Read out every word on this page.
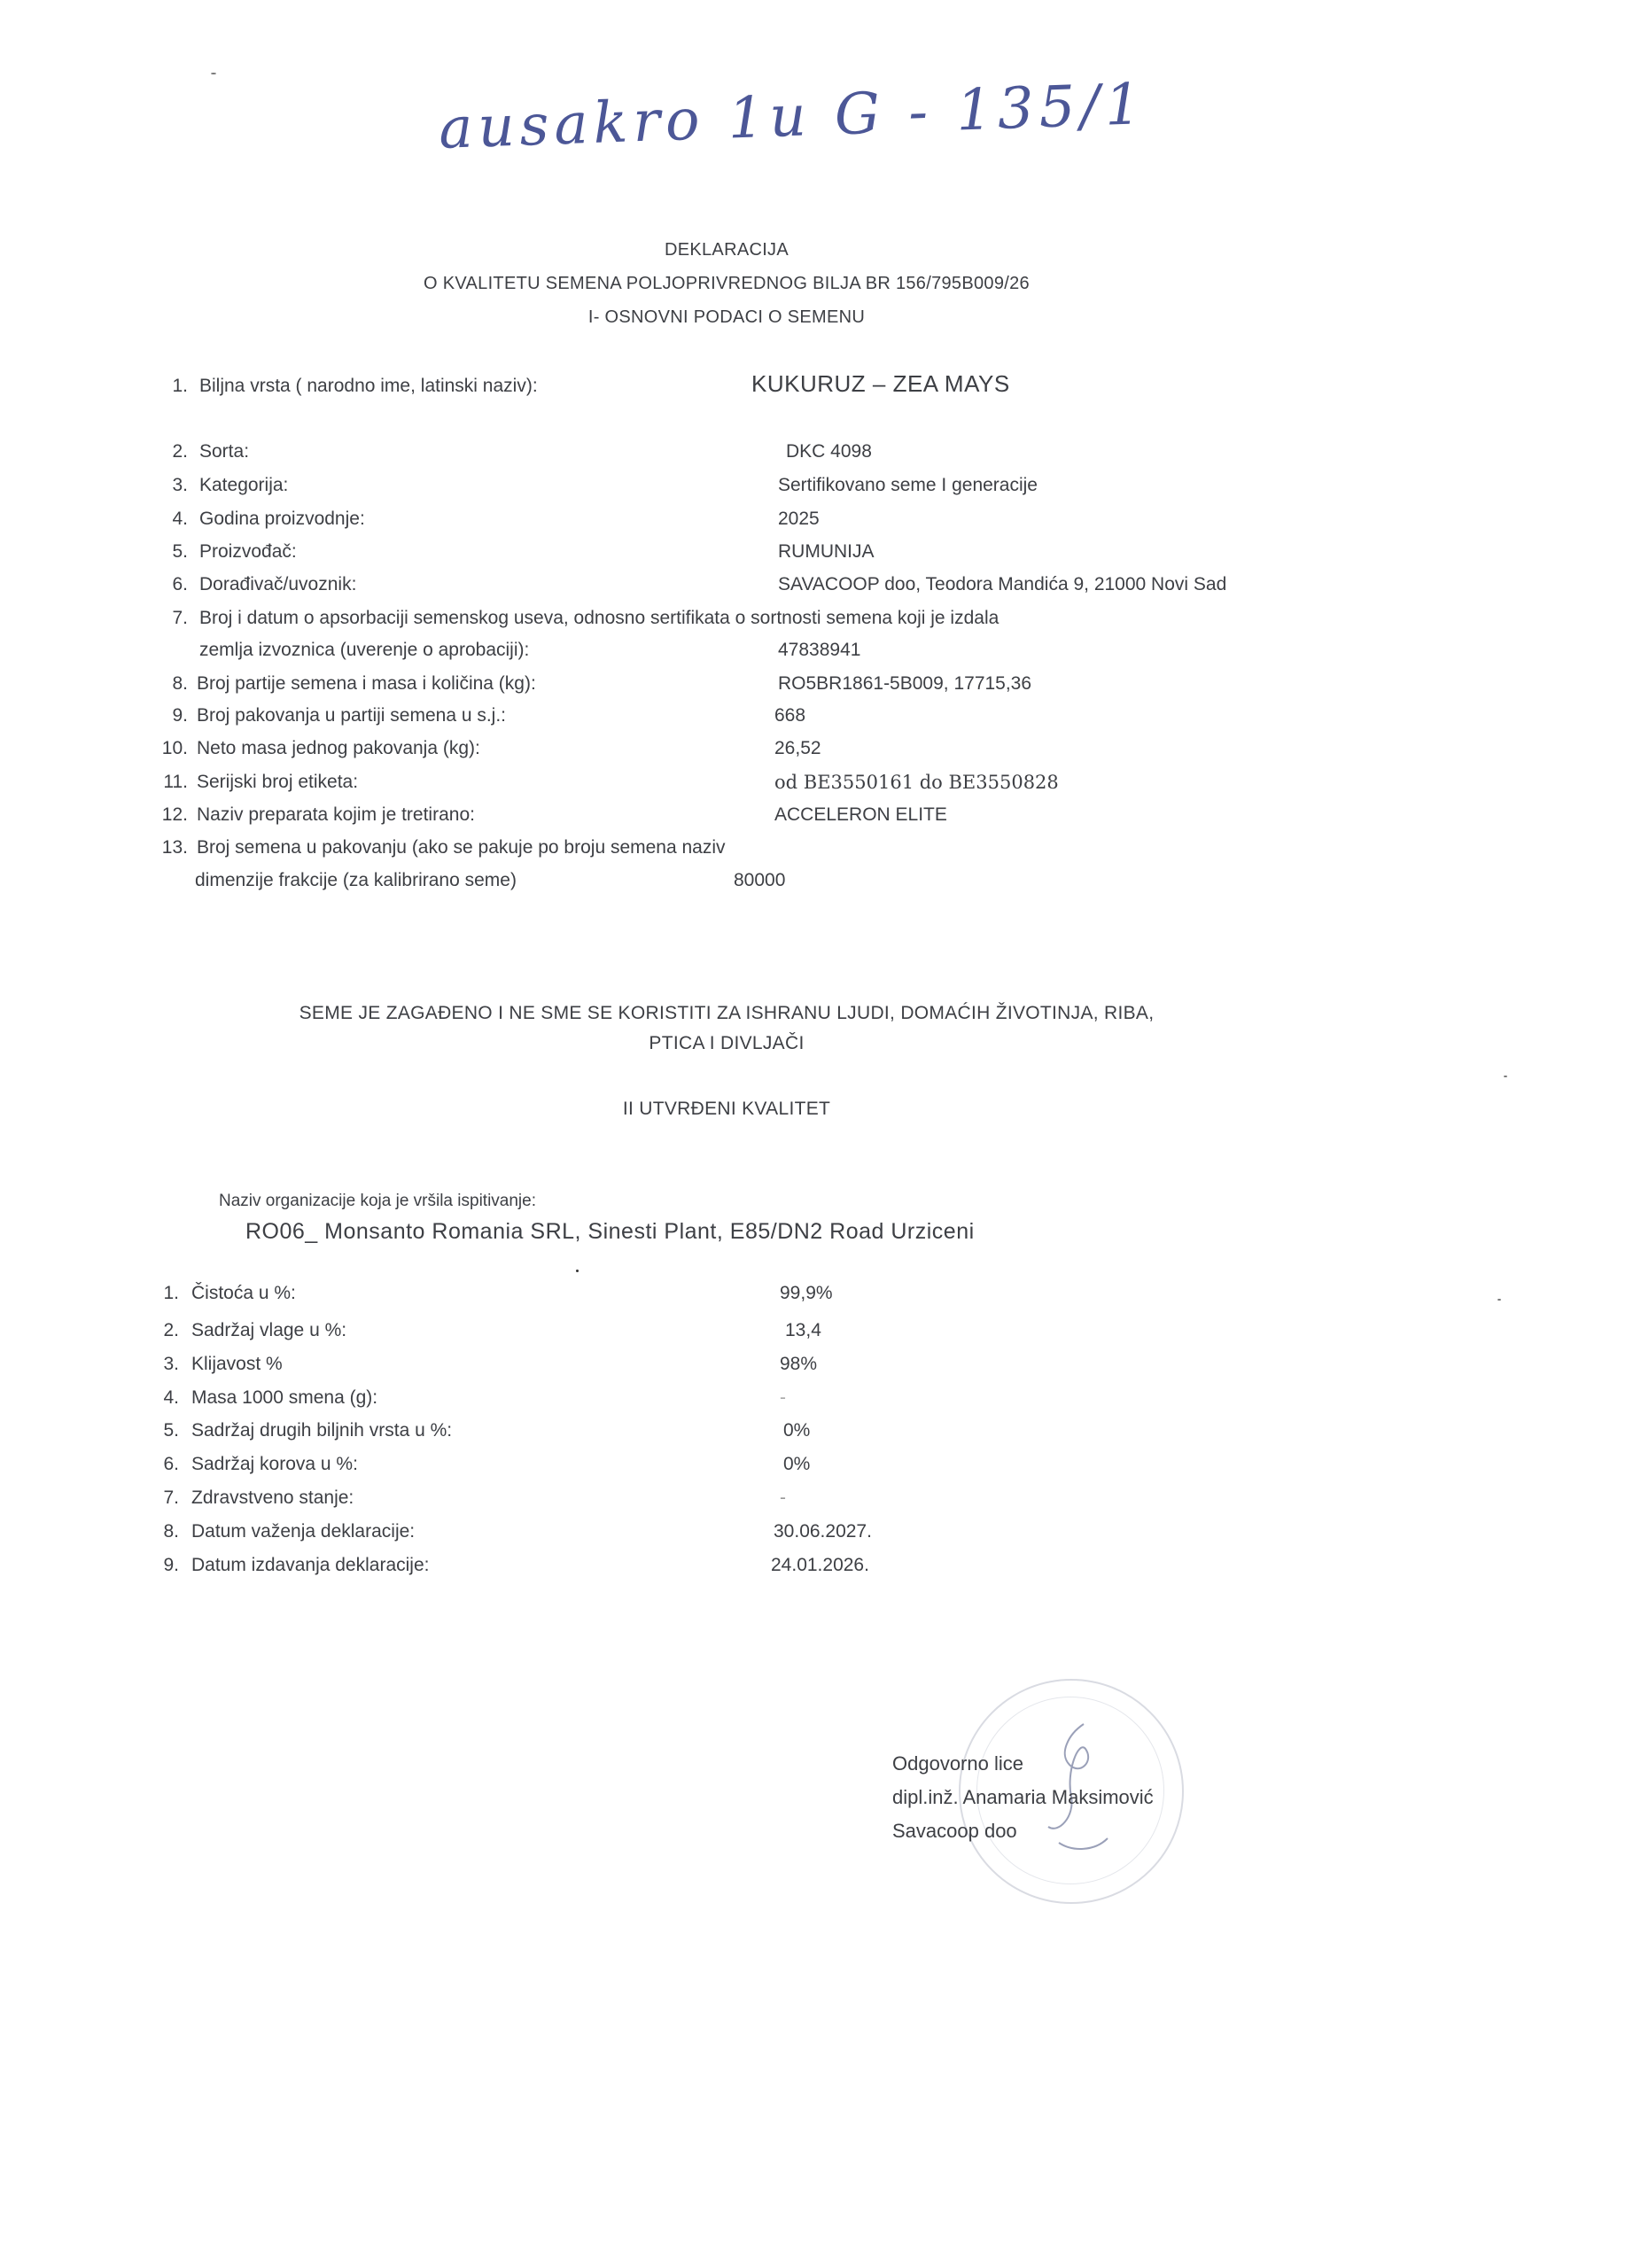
ausakro 1u G - 135/1
DEKLARACIJA
O KVALITETU SEMENA POLJOPRIVREDNOG BILJA BR 156/795B009/26
I- OSNOVNI PODACI O SEMENU
1. Biljna vrsta ( narodno ime, latinski naziv):	KUKURUZ – ZEA MAYS
2. Sorta:	DKC 4098
3. Kategorija:	Sertifikovano seme I generacije
4. Godina proizvodnje:	2025
5. Proizvođač:	RUMUNIJA
6. Dorađivač/uvoznik:	SAVACOOP doo, Teodora Mandića 9, 21000 Novi Sad
7. Broj i datum o apsorbaciji semenskog useva, odnosno sertifikata o sortnosti semena koji je izdala
zemlja izvoznica (uverenje o aprobaciji):	47838941
8. Broj partije semena i masa i količina (kg):	RO5BR1861-5B009, 17715,36
9. Broj pakovanja u partiji semena u s.j.:	668
10. Neto masa jednog pakovanja (kg):	26,52
11. Serijski broj etiketa:	od BE3550161 do BE3550828
12. Naziv preparata kojim je tretirano:	ACCELERON ELITE
13. Broj semena u pakovanju (ako se pakuje po broju semena naziv
dimenzije frakcije (za kalibrirano seme)	80000
SEME JE ZAGAĐENO I NE SME SE KORISTITI ZA ISHRANU LJUDI, DOMAĆIH ŽIVOTINJA, RIBA,
PTICA I DIVLJAČI
II UTVRĐENI KVALITET
Naziv organizacije koja je vršila ispitivanje:
RO06_ Monsanto Romania SRL, Sinesti Plant, E85/DN2 Road Urziceni
1. Čistoća u %:	99,9%
2. Sadržaj vlage u %:	13,4
3. Klijavost %	98%
4. Masa 1000 smena (g):	-
5. Sadržaj drugih biljnih vrsta u %:	0%
6. Sadržaj korova u %:	0%
7. Zdravstveno stanje:	-
8. Datum važenja deklaracije:	30.06.2027.
9. Datum izdavanja deklaracije:	24.01.2026.
Odgovorno lice
dipl.inž. Anamaria Maksimović
Savacoop doo
